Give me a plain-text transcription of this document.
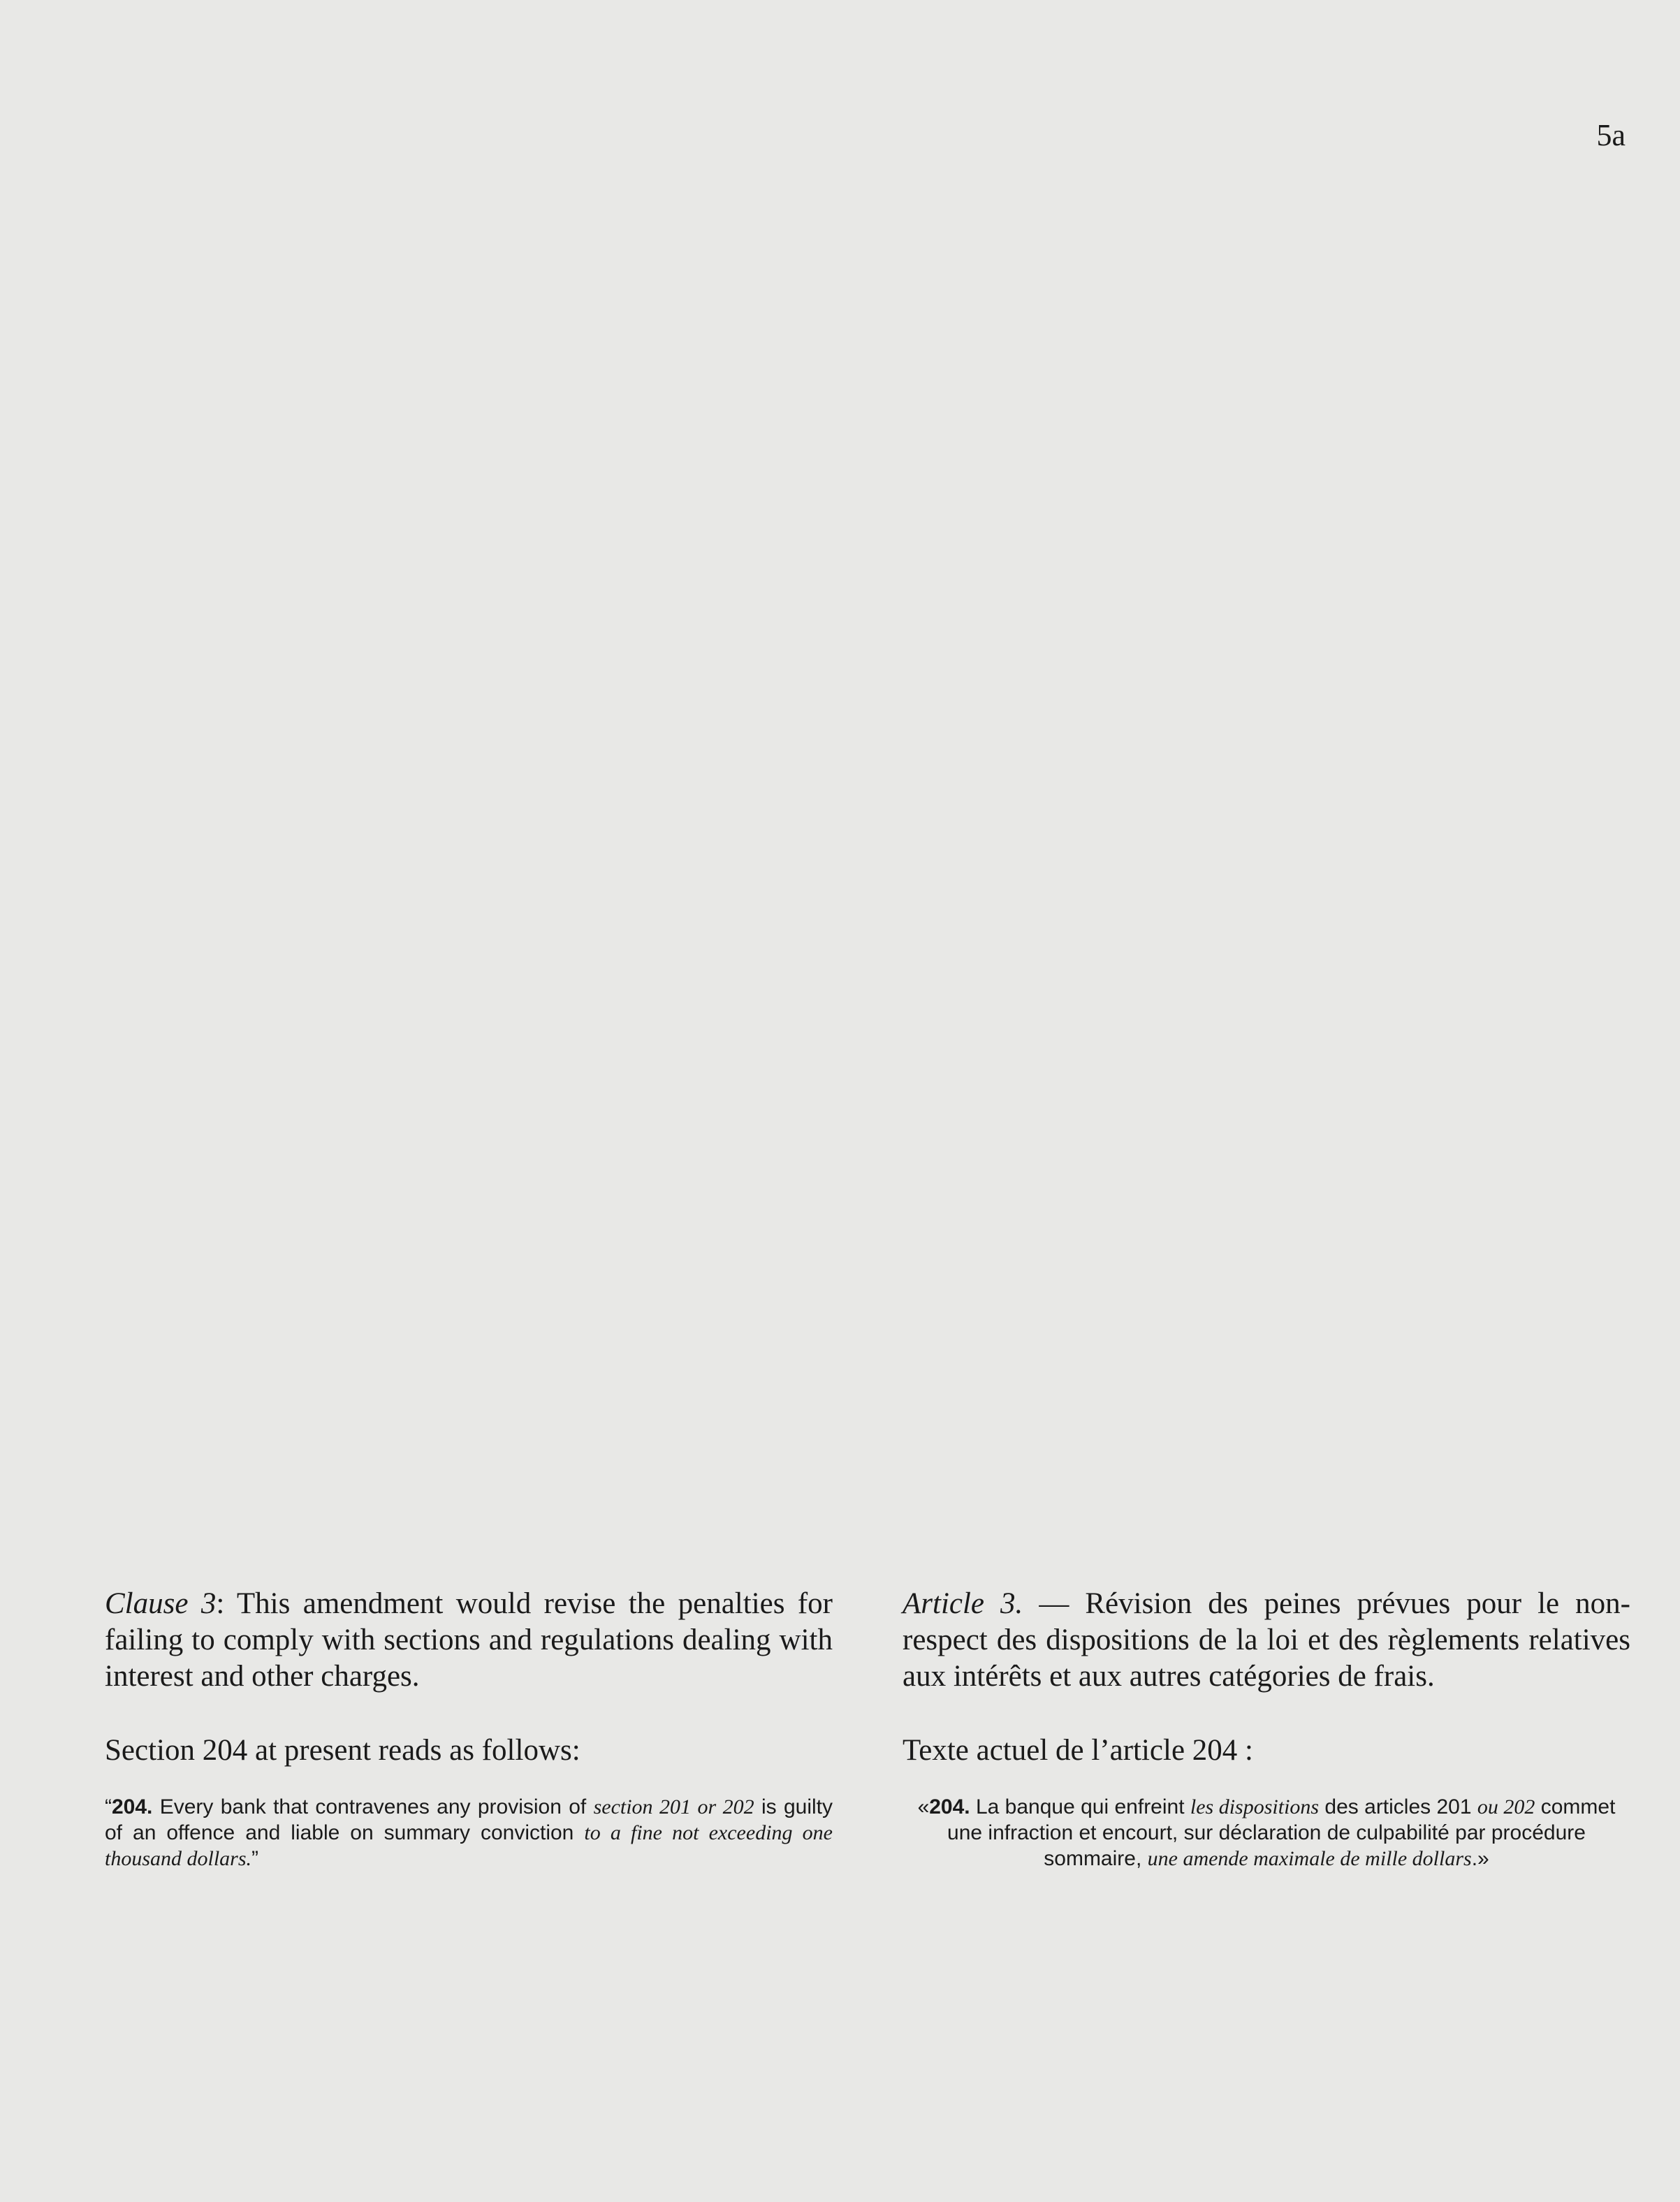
5a

Clause 3: This amendment would revise the penalties for failing to comply with sections and regulations dealing with interest and other charges.

Section 204 at present reads as follows:

“204. Every bank that contravenes any provision of section 201 or 202 is guilty of an offence and liable on summary conviction to a fine not exceeding one thousand dollars.”

Article 3. — Révision des peines prévues pour le non-respect des dispositions de la loi et des règlements relatives aux intérêts et aux autres catégories de frais.

Texte actuel de l’article 204 :

«204. La banque qui enfreint les dispositions des articles 201 ou 202 commet une infraction et encourt, sur déclaration de culpabilité par procédure sommaire, une amende maximale de mille dollars.»
